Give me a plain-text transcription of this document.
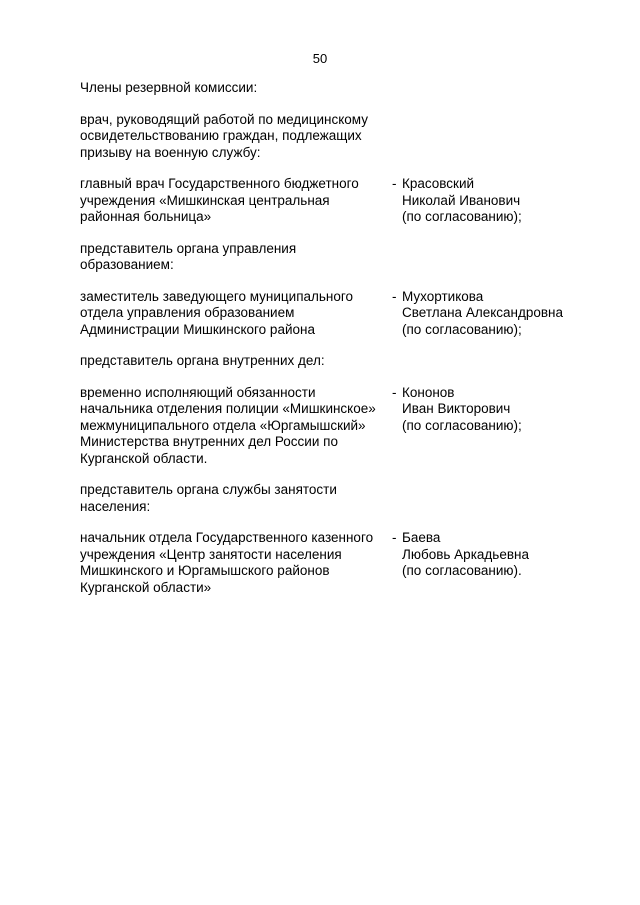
50
Члены резервной комиссии:
врач, руководящий работой по медицинскому
освидетельствованию граждан, подлежащих
призыву на военную службу:
главный врач Государственного бюджетного
учреждения «Мишкинская центральная
районная больница»
- Красовский
Николай Иванович
(по согласованию);
представитель органа управления
образованием:
заместитель заведующего муниципального
отдела управления образованием
Администрации Мишкинского района
- Мухортикова
Светлана Александровна
(по согласованию);
представитель органа внутренних дел:
временно исполняющий обязанности
начальника отделения полиции «Мишкинское»
межмуниципального отдела «Юргамышский»
Министерства внутренних дел России по
Курганской области.
- Кононов
Иван Викторович
(по согласованию);
представитель органа службы занятости
населения:
начальник отдела Государственного казенного
учреждения «Центр занятости населения
Мишкинского и Юргамышского районов
Курганской области»
- Баева
Любовь Аркадьевна
(по согласованию).
